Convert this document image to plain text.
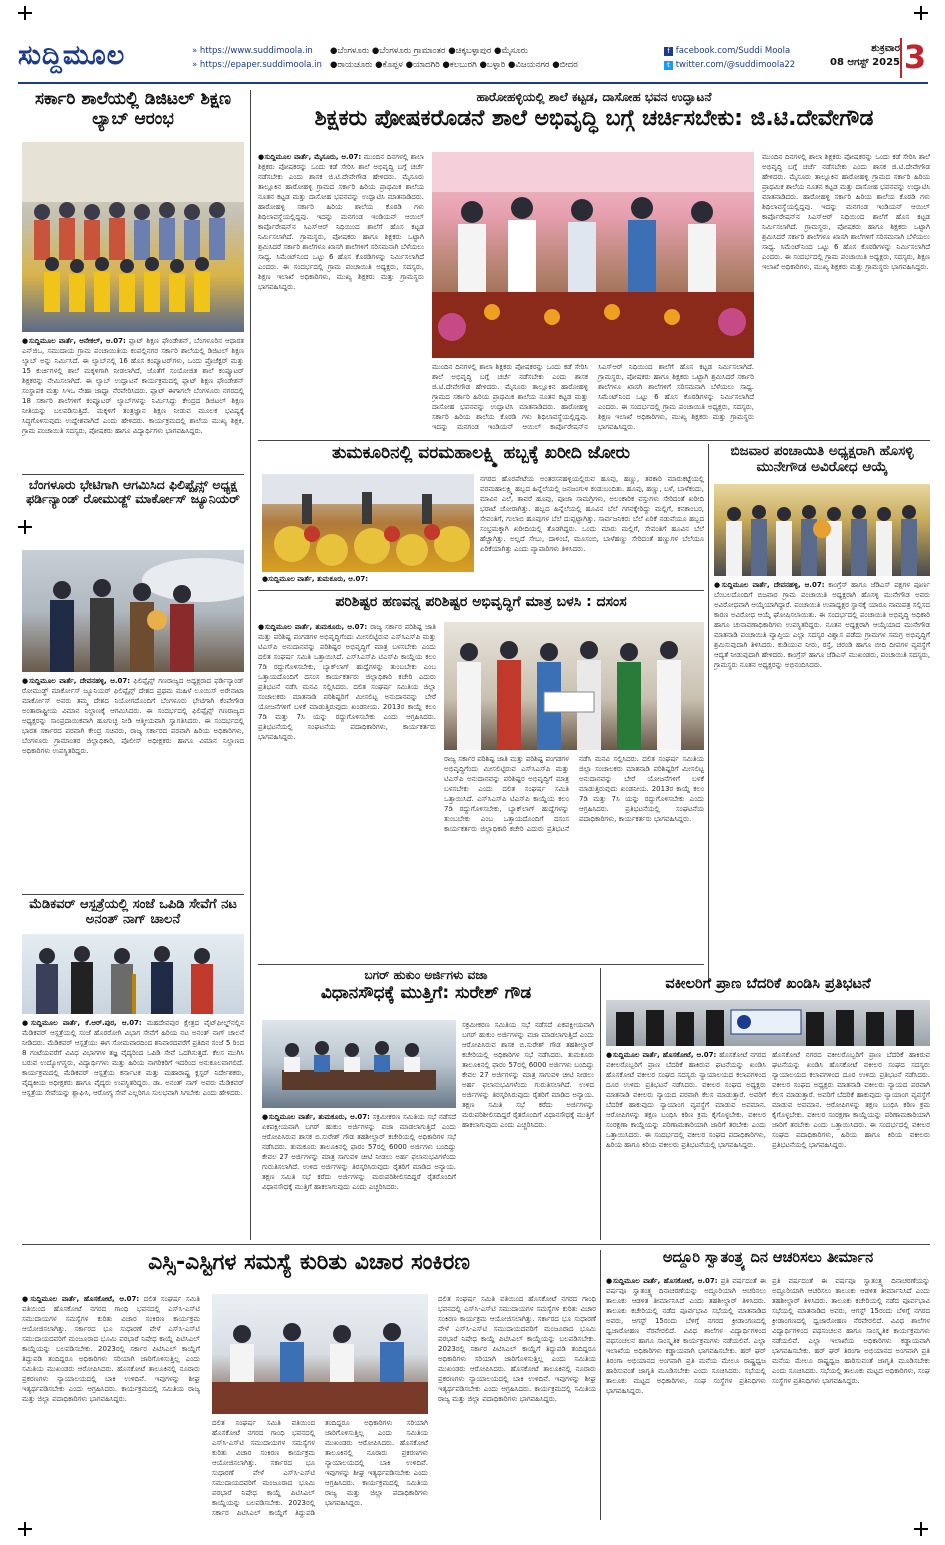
ಸುದ್ದಿಮೂಲ	» https://www.suddimoola.in
» https://epaper.suddimoola.in
●ಬೆಂಗಳೂರು ●ಬೆಂಗಳೂರು ಗ್ರಾಮಾಂತರ ●ಚಿಕ್ಕಬಳ್ಳಾಪುರ ●ಮೈಸೂರು
●ರಾಯಚೂರು ●ಕೊಪ್ಪಳ ●ಯಾದಗಿರಿ ●ಕಲಬುರಗಿ ●ಬಳ್ಳಾರಿ ●ವಿಜಯನಗರ ●ಬೀದರ
f facebook.com/Suddi Moola
t twitter.com/@suddimoola22
ಶುಕ್ರವಾರ
08 ಆಗಸ್ಟ್ 2025 3
ಸರ್ಕಾರಿ ಶಾಲೆಯಲ್ಲಿ ಡಿಜಿಟಲ್ ಶಿಕ್ಷಣ ಲ್ಯಾಬ್ ಆರಂಭ
●ಸುದ್ದಿಮೂಲ ವಾರ್ತೆ, ಆನೇಕಲ್, ಆ.07: ಪ್ಲಾಟ್ ಶಿಕ್ಷಣ ಫೌಂಡೇಶನ್, ಬೆಂಗಳೂರಿನ ಆಧಾರತ ಎನ್‌ಜಿಒ, ಸಮುದಾಯ ಗ್ರಾಮ ಪಂಚಾಯಿತಿಯ ಕಂಪಲ್ಲಿನಗರ ಸರ್ಕಾರಿ ಶಾಲೆಯಲ್ಲಿ ಡಿಜಿಟಲ್ ಶಿಕ್ಷಣ ಲ್ಯಾಬ್ ಅನ್ನು ನಿರ್ಮಿಸಿದೆ. ಈ ಲ್ಯಾಬ್‌ನಲ್ಲಿ 16 ಹೊಸ ಕಂಪ್ಯೂಟರ್‌ಗಳು, ಒಂದು ಪ್ರೊಜೆಕ್ಟರ್ ಮತ್ತು 15 ಕುರ್ಚಿಗಳಲ್ಲಿ ಶಾಲೆ ಮಕ್ಕಳಿಗಾಗಿ ನೀಡಲಾಗಿದೆ, ಜೊತೆಗೆ ಸಂಯೋಜಿತ ಶಾಲೆ ಕಂಪ್ಯೂಟರ್ ಶಿಕ್ಷಕರನ್ನು ನೇಮಿಸಲಾಗಿದೆ. ಈ ಲ್ಯಾಬ್ ಉದ್ಘಾಟನೆ ಕಾರ್ಯಕ್ರಮದಲ್ಲಿ ಪ್ಲಾಟ್ ಶಿಕ್ಷಣ ಫೌಂಡೇಶನ್ ಸಂಸ್ಥಾಪಕ ಮತ್ತು ಸಿಇಒ ನೇಹಾ ಜಾಧ್ವಾ ನೆರವೇರಿಸಿದರು. ಪ್ಲಾಟ್ ಈಗಾಗಲೇ ಬೆಂಗಳೂರು ನಗರದಲ್ಲಿ 18 ಸರ್ಕಾರಿ ಶಾಲೆಗಳಿಗೆ ಕಂಪ್ಯೂಟರ್ ಲ್ಯಾಬ್‌ಗಳನ್ನು ನಿರ್ಮಿಸಿದ್ದು ಕೇಂದ್ರದ ಡಿಜಿಟಲ್ ಶಿಕ್ಷಣ ನೀತಿಯನ್ನು ಬಲಪಡಿಸುತ್ತಿದೆ. ಮಕ್ಕಳಿಗೆ ತಂತ್ರಜ್ಞಾನ ಶಿಕ್ಷಣ ನೀಡುವ ಮೂಲಕ ಭವಿಷ್ಯಕ್ಕೆ ಸಿದ್ಧಗೊಳಿಸುವುದು ಉದ್ದೇಶವಾಗಿದೆ ಎಂದು ಹೇಳಿದರು. ಕಾರ್ಯಕ್ರಮದಲ್ಲಿ ಶಾಲೆಯ ಮುಖ್ಯ ಶಿಕ್ಷಕಿ, ಗ್ರಾಮ ಪಂಚಾಯಿತಿ ಸದಸ್ಯರು, ಪೋಷಕರು ಹಾಗೂ ವಿದ್ಯಾರ್ಥಿಗಳು ಭಾಗವಹಿಸಿದ್ದರು.
ಬೆಂಗಳೂರು ಭೇಟಿಗಾಗಿ ಆಗಮಿಸಿದ ಫಿಲಿಪ್ಪೈನ್ಸ್ ಅಧ್ಯಕ್ಷ ಫರ್ಡಿನ್ಯಾಂಡ್ ರೋಮುಡ್ಜ್ ಮಾರ್ಕೋಸ್ ಜ್ಯೂನಿಯರ್
●ಸುದ್ದಿಮೂಲ ವಾರ್ತೆ, ದೇವನಹಳ್ಳಿ, ಆ.07: ಫಿಲಿಪ್ಪೈನ್ಸ್ ಗಣರಾಜ್ಯದ ಅಧ್ಯಕ್ಷರಾದ ಫರ್ಡಿನ್ಯಾಂಡ್ ರೋಮುಡ್ಜ್ ಮಾರ್ಕೋಸ್ ಜ್ಯೂನಿಯರ್ ಫಿಲಿಪ್ಪೈನ್ಸ್ ದೇಶದ ಪ್ರಥಮ ಮಹಿಳೆ ಲೂಯಿಸ್ ಅರೇನಾಟಾ ಮಾರ್ಕೋಸ್ ಅವರು ತಮ್ಮ ದೇಶದ ನಿಯೋಗದೊಂದಿಗೆ ಬೆಂಗಳೂರು ಭೇಟಿಗಾಗಿ ಕೆಂಪೇಗೌಡ ಅಂತಾರಾಷ್ಟ್ರೀಯ ವಿಮಾನ ನಿಲ್ದಾಣಕ್ಕೆ ಆಗಮಿಸಿದರು. ಈ ಸಂದರ್ಭದಲ್ಲಿ ಫಿಲಿಪ್ಪೈನ್ಸ್ ಗಣರಾಜ್ಯದ ಅಧ್ಯಕ್ಷರನ್ನು ಸಾಂಪ್ರದಾಯಿಕವಾಗಿ ಹೂಗುಚ್ಛ ನೀಡಿ ಆತ್ಮೀಯವಾಗಿ ಸ್ವಾಗತಿಸಿದರು. ಈ ಸಂದರ್ಭದಲ್ಲಿ ಭಾರತ ಸರ್ಕಾರದ ಪರವಾಗಿ ಕೇಂದ್ರ ಸಚಿವರು, ರಾಜ್ಯ ಸರ್ಕಾರದ ಪರವಾಗಿ ಹಿರಿಯ ಅಧಿಕಾರಿಗಳು, ಬೆಂಗಳೂರು ಗ್ರಾಮಾಂತರ ಜಿಲ್ಲಾಧಿಕಾರಿ, ಪೊಲೀಸ್ ಅಧೀಕ್ಷಕರು ಹಾಗೂ ವಿಮಾನ ನಿಲ್ದಾಣದ ಅಧಿಕಾರಿಗಳು ಉಪಸ್ಥಿತರಿದ್ದರು.
ಮೆಡಿಕವರ್ ಆಸ್ಪತ್ರೆಯಲ್ಲಿ ಸಂಜೆ ಒಪಿಡಿ ಸೇವೆಗೆ ನಟ ಅನಂತ್ ನಾಗ್ ಚಾಲನೆ
●ಸುದ್ದಿಮೂಲ ವಾರ್ತೆ, ಕೆ.ಆರ್.ಪುರ, ಆ.07: ಮಹದೇವಪುರ ಕ್ಷೇತ್ರದ ವೈಟ್‌ಫೀಲ್ಡ್‌ನಲ್ಲಿನ ಮೆಡಿಕವರ್ ಆಸ್ಪತ್ರೆಯಲ್ಲಿ ಸಂಜೆ ಹೊರರೋಗಿ ವಿಭಾಗ ಸೇವೆಗೆ ಹಿರಿಯ ನಟ ಅನಂತ್ ನಾಗ್ ಚಾಲನೆ ನೀಡಿದರು. ಮೆಡಿಕವರ್ ಆಸ್ಪತ್ರೆಯು ಈಗ ಸೋಮವಾರದಿಂದ ಶನಿವಾರದವರೆಗೆ ಪ್ರತಿದಿನ ಸಂಜೆ 5 ರಿಂದ 8 ಗಂಟೆಯವರೆಗೆ ವಿವಿಧ ವಿಭಾಗಗಳ ತಜ್ಞ ವೈದ್ಯರಿಂದ ಒಪಿಡಿ ಸೇವೆ ಒದಗಿಸುತ್ತದೆ. ಕೆಲಸ ಮುಗಿಸಿ ಬರುವ ಉದ್ಯೋಗಸ್ಥರು, ವಿದ್ಯಾರ್ಥಿಗಳು ಮತ್ತು ಹಿರಿಯ ನಾಗರಿಕರಿಗೆ ಇದರಿಂದ ಅನುಕೂಲವಾಗಲಿದೆ. ಕಾರ್ಯಕ್ರಮದಲ್ಲಿ ಮೆಡಿಕವರ್ ಆಸ್ಪತ್ರೆಯ ಕರ್ನಾಟಕ ಮತ್ತು ಮಹಾರಾಷ್ಟ್ರ ಕ್ಲಸ್ಟರ್ ನಿರ್ದೇಶಕರು, ವೈದ್ಯಕೀಯ ಅಧೀಕ್ಷಕರು ಹಾಗೂ ವೈದ್ಯರು ಉಪಸ್ಥಿತರಿದ್ದರು. ಡಾ. ಅನಂತ್ ನಾಗ್ ಅವರು ಮೆಡಿಕವರ್ ಆಸ್ಪತ್ರೆಯ ಸೇವೆಯನ್ನು ಶ್ಲಾಘಿಸಿ, ಆರೋಗ್ಯ ಸೇವೆ ಎಲ್ಲರಿಗೂ ಸುಲಭವಾಗಿ ಸಿಗಬೇಕು ಎಂದು ಹೇಳಿದರು.
ಹಾರೋಹಳ್ಳಿಯಲ್ಲಿ ಶಾಲೆ ಕಟ್ಟಡ, ದಾಸೋಹ ಭವನ ಉದ್ಘಾಟನೆ
ಶಿಕ್ಷಕರು ಪೋಷಕರೊಡನೆ ಶಾಲೆ ಅಭಿವೃದ್ಧಿ ಬಗ್ಗೆ ಚರ್ಚಿಸಬೇಕು: ಜಿ.ಟಿ.ದೇವೇಗೌಡ
●ಸುದ್ದಿಮೂಲ ವಾರ್ತೆ, ಮೈಸೂರು, ಆ.07: ಮುಂದಿನ ದಿನಗಳಲ್ಲಿ ಶಾಲಾ ಶಿಕ್ಷಕರು ಪೋಷಕರನ್ನು ಒಂದು ಕಡೆ ಸೇರಿಸಿ ಶಾಲೆ ಅಭಿವೃದ್ಧಿ ಬಗ್ಗೆ ಚರ್ಚೆ ನಡೆಸಬೇಕು ಎಂದು ಶಾಸಕ ಜಿ.ಟಿ.ದೇವೇಗೌಡ ಹೇಳಿದರು. ಮೈಸೂರು ತಾಲ್ಲೂಕಿನ ಹಾರೋಹಳ್ಳಿ ಗ್ರಾಮದ ಸರ್ಕಾರಿ ಹಿರಿಯ ಪ್ರಾಥಮಿಕ ಶಾಲೆಯ ನೂತನ ಕಟ್ಟಡ ಮತ್ತು ದಾಸೋಹ ಭವನವನ್ನು ಉದ್ಘಾಟಿಸಿ ಮಾತನಾಡಿದರು. ಹಾರೋಹಳ್ಳಿ ಸರ್ಕಾರಿ ಹಿರಿಯ ಶಾಲೆಯ ಕೊಠಡಿ ಗಳು ಶಿಥಿಲಾವಸ್ಥೆಯಲ್ಲಿದ್ದವು. ಇದನ್ನು ಮನಗಂಡ ಇಂಡಿಯನ್ ಆಯಿಲ್ ಕಾರ್ಪೊರೇಷನ್‌ನ ಸಿಎಸ್‌ಆರ್ ನಿಧಿಯಿಂದ ಶಾಲೆಗೆ ಹೊಸ ಕಟ್ಟಡ ನಿರ್ಮಿಸಲಾಗಿದೆ. ಗ್ರಾಮಸ್ಥರು, ಪೋಷಕರು ಹಾಗೂ ಶಿಕ್ಷಕರು ಒಟ್ಟಾಗಿ ಶ್ರಮಿಸಿದರೆ ಸರ್ಕಾರಿ ಶಾಲೆಗಳೂ ಖಾಸಗಿ ಶಾಲೆಗಳಿಗೆ ಸರಿಸಮನಾಗಿ ಬೆಳೆಯಲು ಸಾಧ್ಯ. ಸಿಮೆಂಟ್‌ನಿಂದ ಒಟ್ಟು 6 ಹೊಸ ಕೊಠಡಿಗಳನ್ನು ನಿರ್ಮಿಸಲಾಗಿದೆ ಎಂದರು. ಈ ಸಂದರ್ಭದಲ್ಲಿ ಗ್ರಾಮ ಪಂಚಾಯಿತಿ ಅಧ್ಯಕ್ಷರು, ಸದಸ್ಯರು, ಶಿಕ್ಷಣ ಇಲಾಖೆ ಅಧಿಕಾರಿಗಳು, ಮುಖ್ಯ ಶಿಕ್ಷಕರು ಮತ್ತು ಗ್ರಾಮಸ್ಥರು ಭಾಗವಹಿಸಿದ್ದರು.
ಮುಂದಿನ ದಿನಗಳಲ್ಲಿ ಶಾಲಾ ಶಿಕ್ಷಕರು ಪೋಷಕರನ್ನು ಒಂದು ಕಡೆ ಸೇರಿಸಿ ಶಾಲೆ ಅಭಿವೃದ್ಧಿ ಬಗ್ಗೆ ಚರ್ಚೆ ನಡೆಸಬೇಕು ಎಂದು ಶಾಸಕ ಜಿ.ಟಿ.ದೇವೇಗೌಡ ಹೇಳಿದರು. ಮೈಸೂರು ತಾಲ್ಲೂಕಿನ ಹಾರೋಹಳ್ಳಿ ಗ್ರಾಮದ ಸರ್ಕಾರಿ ಹಿರಿಯ ಪ್ರಾಥಮಿಕ ಶಾಲೆಯ ನೂತನ ಕಟ್ಟಡ ಮತ್ತು ದಾಸೋಹ ಭವನವನ್ನು ಉದ್ಘಾಟಿಸಿ ಮಾತನಾಡಿದರು. ಹಾರೋಹಳ್ಳಿ ಸರ್ಕಾರಿ ಹಿರಿಯ ಶಾಲೆಯ ಕೊಠಡಿ ಗಳು ಶಿಥಿಲಾವಸ್ಥೆಯಲ್ಲಿದ್ದವು. ಇದನ್ನು ಮನಗಂಡ ಇಂಡಿಯನ್ ಆಯಿಲ್ ಕಾರ್ಪೊರೇಷನ್‌ನ ಸಿಎಸ್‌ಆರ್ ನಿಧಿಯಿಂದ ಶಾಲೆಗೆ ಹೊಸ ಕಟ್ಟಡ ನಿರ್ಮಿಸಲಾಗಿದೆ. ಗ್ರಾಮಸ್ಥರು, ಪೋಷಕರು ಹಾಗೂ ಶಿಕ್ಷಕರು ಒಟ್ಟಾಗಿ ಶ್ರಮಿಸಿದರೆ ಸರ್ಕಾರಿ ಶಾಲೆಗಳೂ ಖಾಸಗಿ ಶಾಲೆಗಳಿಗೆ ಸರಿಸಮನಾಗಿ ಬೆಳೆಯಲು ಸಾಧ್ಯ. ಸಿಮೆಂಟ್‌ನಿಂದ ಒಟ್ಟು 6 ಹೊಸ ಕೊಠಡಿಗಳನ್ನು ನಿರ್ಮಿಸಲಾಗಿದೆ ಎಂದರು. ಈ ಸಂದರ್ಭದಲ್ಲಿ ಗ್ರಾಮ ಪಂಚಾಯಿತಿ ಅಧ್ಯಕ್ಷರು, ಸದಸ್ಯರು, ಶಿಕ್ಷಣ ಇಲಾಖೆ ಅಧಿಕಾರಿಗಳು, ಮುಖ್ಯ ಶಿಕ್ಷಕರು ಮತ್ತು ಗ್ರಾಮಸ್ಥರು ಭಾಗವಹಿಸಿದ್ದರು.
ಮುಂದಿನ ದಿನಗಳಲ್ಲಿ ಶಾಲಾ ಶಿಕ್ಷಕರು ಪೋಷಕರನ್ನು ಒಂದು ಕಡೆ ಸೇರಿಸಿ ಶಾಲೆ ಅಭಿವೃದ್ಧಿ ಬಗ್ಗೆ ಚರ್ಚೆ ನಡೆಸಬೇಕು ಎಂದು ಶಾಸಕ ಜಿ.ಟಿ.ದೇವೇಗೌಡ ಹೇಳಿದರು. ಮೈಸೂರು ತಾಲ್ಲೂಕಿನ ಹಾರೋಹಳ್ಳಿ ಗ್ರಾಮದ ಸರ್ಕಾರಿ ಹಿರಿಯ ಪ್ರಾಥಮಿಕ ಶಾಲೆಯ ನೂತನ ಕಟ್ಟಡ ಮತ್ತು ದಾಸೋಹ ಭವನವನ್ನು ಉದ್ಘಾಟಿಸಿ ಮಾತನಾಡಿದರು. ಹಾರೋಹಳ್ಳಿ ಸರ್ಕಾರಿ ಹಿರಿಯ ಶಾಲೆಯ ಕೊಠಡಿ ಗಳು ಶಿಥಿಲಾವಸ್ಥೆಯಲ್ಲಿದ್ದವು. ಇದನ್ನು ಮನಗಂಡ ಇಂಡಿಯನ್ ಆಯಿಲ್ ಕಾರ್ಪೊರೇಷನ್‌ನ ಸಿಎಸ್‌ಆರ್ ನಿಧಿಯಿಂದ ಶಾಲೆಗೆ ಹೊಸ ಕಟ್ಟಡ ನಿರ್ಮಿಸಲಾಗಿದೆ. ಗ್ರಾಮಸ್ಥರು, ಪೋಷಕರು ಹಾಗೂ ಶಿಕ್ಷಕರು ಒಟ್ಟಾಗಿ ಶ್ರಮಿಸಿದರೆ ಸರ್ಕಾರಿ ಶಾಲೆಗಳೂ ಖಾಸಗಿ ಶಾಲೆಗಳಿಗೆ ಸರಿಸಮನಾಗಿ ಬೆಳೆಯಲು ಸಾಧ್ಯ. ಸಿಮೆಂಟ್‌ನಿಂದ ಒಟ್ಟು 6 ಹೊಸ ಕೊಠಡಿಗಳನ್ನು ನಿರ್ಮಿಸಲಾಗಿದೆ ಎಂದರು. ಈ ಸಂದರ್ಭದಲ್ಲಿ ಗ್ರಾಮ ಪಂಚಾಯಿತಿ ಅಧ್ಯಕ್ಷರು, ಸದಸ್ಯರು, ಶಿಕ್ಷಣ ಇಲಾಖೆ ಅಧಿಕಾರಿಗಳು, ಮುಖ್ಯ ಶಿಕ್ಷಕರು ಮತ್ತು ಗ್ರಾಮಸ್ಥರು ಭಾಗವಹಿಸಿದ್ದರು.
ತುಮಕೂರಿನಲ್ಲಿ ವರಮಹಾಲಕ್ಷ್ಮಿ ಹಬ್ಬಕ್ಕೆ ಖರೀದಿ ಜೋರು
ನಗರದ ಹೊರಪೇಟೆಯ ಅಂತರಸನಹಳ್ಳಿಯಲ್ಲಿರುವ ಹೂವು, ಹಣ್ಣು, ತರಕಾರಿ ಮಾರುಕಟ್ಟೆಯಲ್ಲಿ ವರಮಹಾಲಕ್ಷ್ಮಿ ಹಬ್ಬದ ಹಿನ್ನೆಲೆಯಲ್ಲಿ ಜನಜಂಗುಳಿ ಕಂಡುಬಂದಿತು. ಹೂವು, ಹಣ್ಣು, ಬಳೆ, ಬಾಳೆಕಂದು, ಮಾವಿನ ಎಲೆ, ತಾವರೆ ಹೂವು, ಪೂಜಾ ಸಾಮಗ್ರಿಗಳು, ಅಲಂಕಾರಿಕ ವಸ್ತುಗಳು ಸೇರಿದಂತೆ ಖರೀದಿ ಭರಾಟೆ ಜೋರಾಗಿತ್ತು. ಹಬ್ಬದ ಹಿನ್ನೆಲೆಯಲ್ಲಿ ಹೂವಿನ ಬೆಲೆ ಗಗನಕ್ಕೇರಿದ್ದು ಮಲ್ಲಿಗೆ, ಕನಕಾಂಬರ, ಸೇವಂತಿಗೆ, ಗುಲಾಬಿ ಹೂವುಗಳ ಬೆಲೆ ದುಪ್ಪಟ್ಟಾಗಿತ್ತು. ಸಾರ್ವಜನಿಕರು ಬೆಲೆ ಏರಿಕೆ ನಡುವೆಯೂ ಹಬ್ಬದ ಸಂಭ್ರಮಕ್ಕಾಗಿ ಖರೀದಿಯಲ್ಲಿ ತೊಡಗಿದ್ದರು. ಒಂದು ಮಾರು ಮಲ್ಲಿಗೆ, ಸೇವಂತಿಗೆ ಹೂವಿನ ಬೆಲೆ ಹೆಚ್ಚಾಗಿತ್ತು. ಅಲ್ಲದೆ ಸೇಬು, ದಾಳಿಂಬೆ, ಮೂಸಂಬಿ, ಬಾಳೆಹಣ್ಣು ಸೇರಿದಂತೆ ಹಣ್ಣುಗಳ ಬೆಲೆಯೂ ಏರಿಕೆಯಾಗಿತ್ತು ಎಂದು ವ್ಯಾಪಾರಿಗಳು ತಿಳಿಸಿದರು.
●ಸುದ್ದಿಮೂಲ ವಾರ್ತೆ, ತುಮಕೂರು, ಆ.07:
ಬಿಜವಾರ ಪಂಚಾಯಿತಿ ಅಧ್ಯಕ್ಷರಾಗಿ ಹೊಸಳ್ಳಿ ಮುನೇಗೌಡ ಅವಿರೋಧ ಆಯ್ಕೆ
●ಸುದ್ದಿಮೂಲ ವಾರ್ತೆ, ದೇವನಹಳ್ಳಿ, ಆ.07: ಕಾಂಗ್ರೆಸ್ ಹಾಗೂ ಜೆಡಿಎಸ್ ಪಕ್ಷಗಳ ಪೂರ್ಣ ಬೆಂಬಲದೊಂದಿಗೆ ಬಿಜವಾರ ಗ್ರಾಮ ಪಂಚಾಯಿತಿ ಅಧ್ಯಕ್ಷರಾಗಿ ಹೊಸಳ್ಳಿ ಮುನೇಗೌಡ ಅವರು ಅವಿರೋಧವಾಗಿ ಆಯ್ಕೆಯಾಗಿದ್ದಾರೆ. ಪಂಚಾಯಿತಿ ಉಪಾಧ್ಯಕ್ಷರ ಸ್ಥಾನಕ್ಕೆ ಯಾರೂ ನಾಮಪತ್ರ ಸಲ್ಲಿಸದ ಕಾರಣ ಅವಿರೋಧ ಆಯ್ಕೆ ಘೋಷಿಸಲಾಯಿತು. ಈ ಸಂದರ್ಭದಲ್ಲಿ ಪಂಚಾಯಿತಿ ಅಭಿವೃದ್ಧಿ ಅಧಿಕಾರಿ ಹಾಗೂ ಚುನಾವಣಾಧಿಕಾರಿಗಳು ಉಪಸ್ಥಿತರಿದ್ದರು. ನೂತನ ಅಧ್ಯಕ್ಷರಾಗಿ ಆಯ್ಕೆಯಾದ ಮುನೇಗೌಡ ಮಾತನಾಡಿ ಪಂಚಾಯಿತಿ ವ್ಯಾಪ್ತಿಯ ಎಲ್ಲಾ ಸದಸ್ಯರ ವಿಶ್ವಾಸ ಪಡೆದು ಗ್ರಾಮಗಳ ಸಮಗ್ರ ಅಭಿವೃದ್ಧಿಗೆ ಶ್ರಮಿಸುವುದಾಗಿ ತಿಳಿಸಿದರು. ಕುಡಿಯುವ ನೀರು, ರಸ್ತೆ, ಚರಂಡಿ ಹಾಗೂ ಬೀದಿ ದೀಪಗಳ ವ್ಯವಸ್ಥೆಗೆ ಆದ್ಯತೆ ನೀಡುವುದಾಗಿ ಹೇಳಿದರು. ಕಾಂಗ್ರೆಸ್ ಹಾಗೂ ಜೆಡಿಎಸ್ ಮುಖಂಡರು, ಪಂಚಾಯಿತಿ ಸದಸ್ಯರು, ಗ್ರಾಮಸ್ಥರು ನೂತನ ಅಧ್ಯಕ್ಷರನ್ನು ಅಭಿನಂದಿಸಿದರು.
ಪರಿಶಿಷ್ಟರ ಹಣವನ್ನ ಪರಿಶಿಷ್ಟರ ಅಭಿವೃದ್ಧಿಗೆ ಮಾತ್ರ ಬಳಸಿ : ದಸಂಸ
●ಸುದ್ದಿಮೂಲ ವಾರ್ತೆ, ತುಮಕೂರು, ಆ.07: ರಾಜ್ಯ ಸರ್ಕಾರ ಪರಿಶಿಷ್ಟ ಜಾತಿ ಮತ್ತು ಪರಿಶಿಷ್ಟ ಪಂಗಡಗಳ ಅಭಿವೃದ್ಧಿಗೆಂದು ಮೀಸಲಿಟ್ಟಿರುವ ಎಸ್‌ಸಿಎಸ್‌ಪಿ ಮತ್ತು ಟಿಎಸ್‌ಪಿ ಅನುದಾನವನ್ನು ಪರಿಶಿಷ್ಟರ ಅಭಿವೃದ್ಧಿಗೆ ಮಾತ್ರ ಬಳಸಬೇಕು ಎಂದು ದಲಿತ ಸಂಘರ್ಷ ಸಮಿತಿ ಒತ್ತಾಯಿಸಿದೆ. ಎಸ್‌ಸಿಎಸ್‌ಪಿ ಟಿಎಸ್‌ಪಿ ಕಾಯ್ದೆಯ ಕಲಂ 7ಡಿ ರದ್ದುಗೊಳಿಸಬೇಕು, ಬ್ಯಾಕ್‌ಲಾಗ್ ಹುದ್ದೆಗಳನ್ನು ತುಂಬಬೇಕು ಎಂಬ ಒತ್ತಾಯದೊಂದಿಗೆ ದಸಂಸ ಕಾರ್ಯಕರ್ತರು ಜಿಲ್ಲಾಧಿಕಾರಿ ಕಚೇರಿ ಎದುರು ಪ್ರತಿಭಟನೆ ನಡೆಸಿ ಮನವಿ ಸಲ್ಲಿಸಿದರು. ದಲಿತ ಸಂಘರ್ಷ ಸಮಿತಿಯ ಜಿಲ್ಲಾ ಸಂಚಾಲಕರು ಮಾತನಾಡಿ ಪರಿಶಿಷ್ಟರಿಗೆ ಮೀಸಲಿಟ್ಟ ಅನುದಾನವನ್ನು ಬೇರೆ ಯೋಜನೆಗಳಿಗೆ ಬಳಕೆ ಮಾಡುತ್ತಿರುವುದು ಖಂಡನೀಯ. 2013ರ ಕಾಯ್ದೆ ಕಲಂ 7ಡಿ ಮತ್ತು 7ಸಿ ಯನ್ನು ರದ್ದುಗೊಳಿಸಬೇಕು ಎಂದು ಆಗ್ರಹಿಸಿದರು. ಪ್ರತಿಭಟನೆಯಲ್ಲಿ ಸಂಘಟನೆಯ ಪದಾಧಿಕಾರಿಗಳು, ಕಾರ್ಯಕರ್ತರು ಭಾಗವಹಿಸಿದ್ದರು.
ರಾಜ್ಯ ಸರ್ಕಾರ ಪರಿಶಿಷ್ಟ ಜಾತಿ ಮತ್ತು ಪರಿಶಿಷ್ಟ ಪಂಗಡಗಳ ಅಭಿವೃದ್ಧಿಗೆಂದು ಮೀಸಲಿಟ್ಟಿರುವ ಎಸ್‌ಸಿಎಸ್‌ಪಿ ಮತ್ತು ಟಿಎಸ್‌ಪಿ ಅನುದಾನವನ್ನು ಪರಿಶಿಷ್ಟರ ಅಭಿವೃದ್ಧಿಗೆ ಮಾತ್ರ ಬಳಸಬೇಕು ಎಂದು ದಲಿತ ಸಂಘರ್ಷ ಸಮಿತಿ ಒತ್ತಾಯಿಸಿದೆ. ಎಸ್‌ಸಿಎಸ್‌ಪಿ ಟಿಎಸ್‌ಪಿ ಕಾಯ್ದೆಯ ಕಲಂ 7ಡಿ ರದ್ದುಗೊಳಿಸಬೇಕು, ಬ್ಯಾಕ್‌ಲಾಗ್ ಹುದ್ದೆಗಳನ್ನು ತುಂಬಬೇಕು ಎಂಬ ಒತ್ತಾಯದೊಂದಿಗೆ ದಸಂಸ ಕಾರ್ಯಕರ್ತರು ಜಿಲ್ಲಾಧಿಕಾರಿ ಕಚೇರಿ ಎದುರು ಪ್ರತಿಭಟನೆ ನಡೆಸಿ ಮನವಿ ಸಲ್ಲಿಸಿದರು. ದಲಿತ ಸಂಘರ್ಷ ಸಮಿತಿಯ ಜಿಲ್ಲಾ ಸಂಚಾಲಕರು ಮಾತನಾಡಿ ಪರಿಶಿಷ್ಟರಿಗೆ ಮೀಸಲಿಟ್ಟ ಅನುದಾನವನ್ನು ಬೇರೆ ಯೋಜನೆಗಳಿಗೆ ಬಳಕೆ ಮಾಡುತ್ತಿರುವುದು ಖಂಡನೀಯ. 2013ರ ಕಾಯ್ದೆ ಕಲಂ 7ಡಿ ಮತ್ತು 7ಸಿ ಯನ್ನು ರದ್ದುಗೊಳಿಸಬೇಕು ಎಂದು ಆಗ್ರಹಿಸಿದರು. ಪ್ರತಿಭಟನೆಯಲ್ಲಿ ಸಂಘಟನೆಯ ಪದಾಧಿಕಾರಿಗಳು, ಕಾರ್ಯಕರ್ತರು ಭಾಗವಹಿಸಿದ್ದರು.
ಬಗರ್ ಹುಕುಂ ಅರ್ಜಿಗಳು ವಜಾ
ವಿಧಾನಸೌಧಕ್ಕೆ ಮುತ್ತಿಗೆ: ಸುರೇಶ್ ಗೌಡ
ಸಕ್ರಮೀಕರಣ ಸಮಿತಿಯ ಸಭೆ ನಡೆಸದೆ ಏಕಪಕ್ಷೀಯವಾಗಿ ಬಗರ್ ಹುಕುಂ ಅರ್ಜಿಗಳನ್ನು ವಜಾ ಮಾಡಲಾಗುತ್ತಿದೆ ಎಂದು ಆರೋಪಿಸಿರುವ ಶಾಸಕ ಬಿ.ಸುರೇಶ್ ಗೌಡ ತಹಶೀಲ್ದಾರ್ ಕಚೇರಿಯಲ್ಲಿ ಅಧಿಕಾರಿಗಳ ಸಭೆ ನಡೆಸಿದರು. ತುಮಕೂರು ತಾಲೂಕಿನಲ್ಲಿ ಫಾರಂ 57ರಲ್ಲಿ 6000 ಅರ್ಜಿಗಳು ಬಂದಿದ್ದು ಕೇವಲ 27 ಅರ್ಜಿಗಳನ್ನು ಮಾತ್ರ ಸಾಗುವಳಿ ಚೀಟಿ ನೀಡಲು ಅರ್ಹ ಫಲಾನುಭವಿಗಳೆಂದು ಗುರುತಿಸಲಾಗಿದೆ. ಉಳಿದ ಅರ್ಜಿಗಳನ್ನು ತಿರಸ್ಕರಿಸಿರುವುದು ರೈತರಿಗೆ ಮಾಡಿದ ಅನ್ಯಾಯ. ತಕ್ಷಣ ಸಮಿತಿ ಸಭೆ ಕರೆದು ಅರ್ಜಿಗಳನ್ನು ಮರುಪರಿಶೀಲಿಸದಿದ್ದರೆ ರೈತರೊಂದಿಗೆ ವಿಧಾನಸೌಧಕ್ಕೆ ಮುತ್ತಿಗೆ ಹಾಕಲಾಗುವುದು ಎಂದು ಎಚ್ಚರಿಸಿದರು.
●ಸುದ್ದಿಮೂಲ ವಾರ್ತೆ, ತುಮಕೂರು, ಆ.07: ಸಕ್ರಮೀಕರಣ ಸಮಿತಿಯ ಸಭೆ ನಡೆಸದೆ ಏಕಪಕ್ಷೀಯವಾಗಿ ಬಗರ್ ಹುಕುಂ ಅರ್ಜಿಗಳನ್ನು ವಜಾ ಮಾಡಲಾಗುತ್ತಿದೆ ಎಂದು ಆರೋಪಿಸಿರುವ ಶಾಸಕ ಬಿ.ಸುರೇಶ್ ಗೌಡ ತಹಶೀಲ್ದಾರ್ ಕಚೇರಿಯಲ್ಲಿ ಅಧಿಕಾರಿಗಳ ಸಭೆ ನಡೆಸಿದರು. ತುಮಕೂರು ತಾಲೂಕಿನಲ್ಲಿ ಫಾರಂ 57ರಲ್ಲಿ 6000 ಅರ್ಜಿಗಳು ಬಂದಿದ್ದು ಕೇವಲ 27 ಅರ್ಜಿಗಳನ್ನು ಮಾತ್ರ ಸಾಗುವಳಿ ಚೀಟಿ ನೀಡಲು ಅರ್ಹ ಫಲಾನುಭವಿಗಳೆಂದು ಗುರುತಿಸಲಾಗಿದೆ. ಉಳಿದ ಅರ್ಜಿಗಳನ್ನು ತಿರಸ್ಕರಿಸಿರುವುದು ರೈತರಿಗೆ ಮಾಡಿದ ಅನ್ಯಾಯ. ತಕ್ಷಣ ಸಮಿತಿ ಸಭೆ ಕರೆದು ಅರ್ಜಿಗಳನ್ನು ಮರುಪರಿಶೀಲಿಸದಿದ್ದರೆ ರೈತರೊಂದಿಗೆ ವಿಧಾನಸೌಧಕ್ಕೆ ಮುತ್ತಿಗೆ ಹಾಕಲಾಗುವುದು ಎಂದು ಎಚ್ಚರಿಸಿದರು.
ವಕೀಲರಿಗೆ ಪ್ರಾಣ ಬೆದರಿಕೆ ಖಂಡಿಸಿ ಪ್ರತಿಭಟನೆ
●ಸುದ್ದಿಮೂಲ ವಾರ್ತೆ, ಹೊಸಕೋಟೆ, ಆ.07: ಹೊಸಕೋಟೆ ನಗರದ ವಕೀಲರೊಬ್ಬರಿಗೆ ಪ್ರಾಣ ಬೆದರಿಕೆ ಹಾಕಿರುವ ಘಟನೆಯನ್ನು ಖಂಡಿಸಿ ಹೊಸಕೋಟೆ ವಕೀಲರ ಸಂಘದ ಸದಸ್ಯರು ನ್ಯಾಯಾಲಯದ ಕಲಾಪಗಳಿಂದ ದೂರ ಉಳಿದು ಪ್ರತಿಭಟನೆ ನಡೆಸಿದರು. ವಕೀಲರ ಸಂಘದ ಅಧ್ಯಕ್ಷರು ಮಾತನಾಡಿ ವಕೀಲರು ನ್ಯಾಯದ ಪರವಾಗಿ ಕೆಲಸ ಮಾಡುತ್ತಾರೆ. ಅವರಿಗೆ ಬೆದರಿಕೆ ಹಾಕುವುದು ನ್ಯಾಯಾಂಗ ವ್ಯವಸ್ಥೆಗೆ ಮಾಡುವ ಅವಮಾನ. ಆರೋಪಿಗಳನ್ನು ತಕ್ಷಣ ಬಂಧಿಸಿ ಕಠಿಣ ಕ್ರಮ ಕೈಗೊಳ್ಳಬೇಕು. ವಕೀಲರ ಸಂರಕ್ಷಣಾ ಕಾಯ್ದೆಯನ್ನು ಪರಿಣಾಮಕಾರಿಯಾಗಿ ಜಾರಿಗೆ ತರಬೇಕು ಎಂದು ಒತ್ತಾಯಿಸಿದರು. ಈ ಸಂದರ್ಭದಲ್ಲಿ ವಕೀಲರ ಸಂಘದ ಪದಾಧಿಕಾರಿಗಳು, ಹಿರಿಯ ಹಾಗೂ ಕಿರಿಯ ವಕೀಲರು ಪ್ರತಿಭಟನೆಯಲ್ಲಿ ಭಾಗವಹಿಸಿದ್ದರು.
ಹೊಸಕೋಟೆ ನಗರದ ವಕೀಲರೊಬ್ಬರಿಗೆ ಪ್ರಾಣ ಬೆದರಿಕೆ ಹಾಕಿರುವ ಘಟನೆಯನ್ನು ಖಂಡಿಸಿ ಹೊಸಕೋಟೆ ವಕೀಲರ ಸಂಘದ ಸದಸ್ಯರು ನ್ಯಾಯಾಲಯದ ಕಲಾಪಗಳಿಂದ ದೂರ ಉಳಿದು ಪ್ರತಿಭಟನೆ ನಡೆಸಿದರು. ವಕೀಲರ ಸಂಘದ ಅಧ್ಯಕ್ಷರು ಮಾತನಾಡಿ ವಕೀಲರು ನ್ಯಾಯದ ಪರವಾಗಿ ಕೆಲಸ ಮಾಡುತ್ತಾರೆ. ಅವರಿಗೆ ಬೆದರಿಕೆ ಹಾಕುವುದು ನ್ಯಾಯಾಂಗ ವ್ಯವಸ್ಥೆಗೆ ಮಾಡುವ ಅವಮಾನ. ಆರೋಪಿಗಳನ್ನು ತಕ್ಷಣ ಬಂಧಿಸಿ ಕಠಿಣ ಕ್ರಮ ಕೈಗೊಳ್ಳಬೇಕು. ವಕೀಲರ ಸಂರಕ್ಷಣಾ ಕಾಯ್ದೆಯನ್ನು ಪರಿಣಾಮಕಾರಿಯಾಗಿ ಜಾರಿಗೆ ತರಬೇಕು ಎಂದು ಒತ್ತಾಯಿಸಿದರು. ಈ ಸಂದರ್ಭದಲ್ಲಿ ವಕೀಲರ ಸಂಘದ ಪದಾಧಿಕಾರಿಗಳು, ಹಿರಿಯ ಹಾಗೂ ಕಿರಿಯ ವಕೀಲರು ಪ್ರತಿಭಟನೆಯಲ್ಲಿ ಭಾಗವಹಿಸಿದ್ದರು.
ಎಸ್ಸಿ-ಎಸ್ಟಿಗಳ ಸಮಸ್ಯೆ ಕುರಿತು ವಿಚಾರ ಸಂಕಿರಣ
●ಸುದ್ದಿಮೂಲ ವಾರ್ತೆ, ಹೊಸಕೋಟೆ, ಆ.07: ದಲಿತ ಸಂಘರ್ಷ ಸಮಿತಿ ವತಿಯಿಂದ ಹೊಸಕೋಟೆ ನಗರದ ಗಾಂಧಿ ಭವನದಲ್ಲಿ ಎಸ್‌ಸಿ-ಎಸ್‌ಟಿ ಸಮುದಾಯಗಳ ಸಮಸ್ಯೆಗಳ ಕುರಿತು ವಿಚಾರ ಸಂಕಿರಣ ಕಾರ್ಯಕ್ರಮ ಆಯೋಜಿಸಲಾಗಿತ್ತು. ಸರ್ಕಾರದ ಭೂ ಸುಧಾರಣೆ ವೇಳೆ ಎಸ್‌ಸಿ-ಎಸ್‌ಟಿ ಸಮುದಾಯದವರಿಗೆ ಮಂಜೂರಾದ ಭೂಮಿ ಪರಭಾರೆ ನಿಷೇಧ ಕಾಯ್ದೆ ಪಿಟಿಸಿಎಲ್ ಕಾಯ್ದೆಯನ್ನು ಬಲಪಡಿಸಬೇಕು. 2023ರಲ್ಲಿ ಸರ್ಕಾರ ಪಿಟಿಸಿಎಲ್ ಕಾಯ್ದೆಗೆ ತಿದ್ದುಪಡಿ ತಂದಿದ್ದರೂ ಅಧಿಕಾರಿಗಳು ಸರಿಯಾಗಿ ಜಾರಿಗೊಳಿಸುತ್ತಿಲ್ಲ ಎಂದು ಸಮಿತಿಯ ಮುಖಂಡರು ಆರೋಪಿಸಿದರು. ಹೊಸಕೋಟೆ ತಾಲೂಕಿನಲ್ಲಿ ನೂರಾರು ಪ್ರಕರಣಗಳು ನ್ಯಾಯಾಲಯದಲ್ಲಿ ಬಾಕಿ ಉಳಿದಿವೆ. ಇವುಗಳನ್ನು ಶೀಘ್ರ ಇತ್ಯರ್ಥಪಡಿಸಬೇಕು ಎಂದು ಆಗ್ರಹಿಸಿದರು. ಕಾರ್ಯಕ್ರಮದಲ್ಲಿ ಸಮಿತಿಯ ರಾಜ್ಯ ಮತ್ತು ಜಿಲ್ಲಾ ಪದಾಧಿಕಾರಿಗಳು ಭಾಗವಹಿಸಿದ್ದರು.
ದಲಿತ ಸಂಘರ್ಷ ಸಮಿತಿ ವತಿಯಿಂದ ಹೊಸಕೋಟೆ ನಗರದ ಗಾಂಧಿ ಭವನದಲ್ಲಿ ಎಸ್‌ಸಿ-ಎಸ್‌ಟಿ ಸಮುದಾಯಗಳ ಸಮಸ್ಯೆಗಳ ಕುರಿತು ವಿಚಾರ ಸಂಕಿರಣ ಕಾರ್ಯಕ್ರಮ ಆಯೋಜಿಸಲಾಗಿತ್ತು. ಸರ್ಕಾರದ ಭೂ ಸುಧಾರಣೆ ವೇಳೆ ಎಸ್‌ಸಿ-ಎಸ್‌ಟಿ ಸಮುದಾಯದವರಿಗೆ ಮಂಜೂರಾದ ಭೂಮಿ ಪರಭಾರೆ ನಿಷೇಧ ಕಾಯ್ದೆ ಪಿಟಿಸಿಎಲ್ ಕಾಯ್ದೆಯನ್ನು ಬಲಪಡಿಸಬೇಕು. 2023ರಲ್ಲಿ ಸರ್ಕಾರ ಪಿಟಿಸಿಎಲ್ ಕಾಯ್ದೆಗೆ ತಿದ್ದುಪಡಿ ತಂದಿದ್ದರೂ ಅಧಿಕಾರಿಗಳು ಸರಿಯಾಗಿ ಜಾರಿಗೊಳಿಸುತ್ತಿಲ್ಲ ಎಂದು ಸಮಿತಿಯ ಮುಖಂಡರು ಆರೋಪಿಸಿದರು. ಹೊಸಕೋಟೆ ತಾಲೂಕಿನಲ್ಲಿ ನೂರಾರು ಪ್ರಕರಣಗಳು ನ್ಯಾಯಾಲಯದಲ್ಲಿ ಬಾಕಿ ಉಳಿದಿವೆ. ಇವುಗಳನ್ನು ಶೀಘ್ರ ಇತ್ಯರ್ಥಪಡಿಸಬೇಕು ಎಂದು ಆಗ್ರಹಿಸಿದರು. ಕಾರ್ಯಕ್ರಮದಲ್ಲಿ ಸಮಿತಿಯ ರಾಜ್ಯ ಮತ್ತು ಜಿಲ್ಲಾ ಪದಾಧಿಕಾರಿಗಳು ಭಾಗವಹಿಸಿದ್ದರು.
ದಲಿತ ಸಂಘರ್ಷ ಸಮಿತಿ ವತಿಯಿಂದ ಹೊಸಕೋಟೆ ನಗರದ ಗಾಂಧಿ ಭವನದಲ್ಲಿ ಎಸ್‌ಸಿ-ಎಸ್‌ಟಿ ಸಮುದಾಯಗಳ ಸಮಸ್ಯೆಗಳ ಕುರಿತು ವಿಚಾರ ಸಂಕಿರಣ ಕಾರ್ಯಕ್ರಮ ಆಯೋಜಿಸಲಾಗಿತ್ತು. ಸರ್ಕಾರದ ಭೂ ಸುಧಾರಣೆ ವೇಳೆ ಎಸ್‌ಸಿ-ಎಸ್‌ಟಿ ಸಮುದಾಯದವರಿಗೆ ಮಂಜೂರಾದ ಭೂಮಿ ಪರಭಾರೆ ನಿಷೇಧ ಕಾಯ್ದೆ ಪಿಟಿಸಿಎಲ್ ಕಾಯ್ದೆಯನ್ನು ಬಲಪಡಿಸಬೇಕು. 2023ರಲ್ಲಿ ಸರ್ಕಾರ ಪಿಟಿಸಿಎಲ್ ಕಾಯ್ದೆಗೆ ತಿದ್ದುಪಡಿ ತಂದಿದ್ದರೂ ಅಧಿಕಾರಿಗಳು ಸರಿಯಾಗಿ ಜಾರಿಗೊಳಿಸುತ್ತಿಲ್ಲ ಎಂದು ಸಮಿತಿಯ ಮುಖಂಡರು ಆರೋಪಿಸಿದರು. ಹೊಸಕೋಟೆ ತಾಲೂಕಿನಲ್ಲಿ ನೂರಾರು ಪ್ರಕರಣಗಳು ನ್ಯಾಯಾಲಯದಲ್ಲಿ ಬಾಕಿ ಉಳಿದಿವೆ. ಇವುಗಳನ್ನು ಶೀಘ್ರ ಇತ್ಯರ್ಥಪಡಿಸಬೇಕು ಎಂದು ಆಗ್ರಹಿಸಿದರು. ಕಾರ್ಯಕ್ರಮದಲ್ಲಿ ಸಮಿತಿಯ ರಾಜ್ಯ ಮತ್ತು ಜಿಲ್ಲಾ ಪದಾಧಿಕಾರಿಗಳು ಭಾಗವಹಿಸಿದ್ದರು.
ಅದ್ದೂರಿ ಸ್ವಾತಂತ್ರ್ಯ ದಿನ ಆಚರಿಸಲು ತೀರ್ಮಾನ
●ಸುದ್ದಿಮೂಲ ವಾರ್ತೆ, ಹೊಸಕೋಟೆ, ಆ.07: ಪ್ರತಿ ವರ್ಷದಂತೆ ಈ ವರ್ಷವೂ ಸ್ವಾತಂತ್ರ್ಯ ದಿನಾಚರಣೆಯನ್ನು ಅದ್ದೂರಿಯಾಗಿ ಆಚರಿಸಲು ತಾಲೂಕು ಆಡಳಿತ ತೀರ್ಮಾನಿಸಿದೆ ಎಂದು ತಹಶೀಲ್ದಾರ್ ತಿಳಿಸಿದರು. ತಾಲೂಕು ಕಚೇರಿಯಲ್ಲಿ ನಡೆದ ಪೂರ್ವಭಾವಿ ಸಭೆಯಲ್ಲಿ ಮಾತನಾಡಿದ ಅವರು, ಆಗಸ್ಟ್ 15ರಂದು ಬೆಳಿಗ್ಗೆ ನಗರದ ಕ್ರೀಡಾಂಗಣದಲ್ಲಿ ಧ್ವಜಾರೋಹಣ ನೆರವೇರಲಿದೆ. ವಿವಿಧ ಶಾಲೆಗಳ ವಿದ್ಯಾರ್ಥಿಗಳಿಂದ ಪಥಸಂಚಲನ ಹಾಗೂ ಸಾಂಸ್ಕೃತಿಕ ಕಾರ್ಯಕ್ರಮಗಳು ನಡೆಯಲಿವೆ. ಎಲ್ಲಾ ಇಲಾಖೆಯ ಅಧಿಕಾರಿಗಳು ಕಡ್ಡಾಯವಾಗಿ ಭಾಗವಹಿಸಬೇಕು. ಹರ್ ಘರ್ ತಿರಂಗಾ ಅಭಿಯಾನದ ಅಂಗವಾಗಿ ಪ್ರತಿ ಮನೆಯ ಮೇಲೂ ರಾಷ್ಟ್ರಧ್ವಜ ಹಾರಿಸುವಂತೆ ಜಾಗೃತಿ ಮೂಡಿಸಬೇಕು ಎಂದು ಸೂಚಿಸಿದರು. ಸಭೆಯಲ್ಲಿ ತಾಲೂಕು ಮಟ್ಟದ ಅಧಿಕಾರಿಗಳು, ಸಂಘ ಸಂಸ್ಥೆಗಳ ಪ್ರತಿನಿಧಿಗಳು ಭಾಗವಹಿಸಿದ್ದರು.
ಪ್ರತಿ ವರ್ಷದಂತೆ ಈ ವರ್ಷವೂ ಸ್ವಾತಂತ್ರ್ಯ ದಿನಾಚರಣೆಯನ್ನು ಅದ್ದೂರಿಯಾಗಿ ಆಚರಿಸಲು ತಾಲೂಕು ಆಡಳಿತ ತೀರ್ಮಾನಿಸಿದೆ ಎಂದು ತಹಶೀಲ್ದಾರ್ ತಿಳಿಸಿದರು. ತಾಲೂಕು ಕಚೇರಿಯಲ್ಲಿ ನಡೆದ ಪೂರ್ವಭಾವಿ ಸಭೆಯಲ್ಲಿ ಮಾತನಾಡಿದ ಅವರು, ಆಗಸ್ಟ್ 15ರಂದು ಬೆಳಿಗ್ಗೆ ನಗರದ ಕ್ರೀಡಾಂಗಣದಲ್ಲಿ ಧ್ವಜಾರೋಹಣ ನೆರವೇರಲಿದೆ. ವಿವಿಧ ಶಾಲೆಗಳ ವಿದ್ಯಾರ್ಥಿಗಳಿಂದ ಪಥಸಂಚಲನ ಹಾಗೂ ಸಾಂಸ್ಕೃತಿಕ ಕಾರ್ಯಕ್ರಮಗಳು ನಡೆಯಲಿವೆ. ಎಲ್ಲಾ ಇಲಾಖೆಯ ಅಧಿಕಾರಿಗಳು ಕಡ್ಡಾಯವಾಗಿ ಭಾಗವಹಿಸಬೇಕು. ಹರ್ ಘರ್ ತಿರಂಗಾ ಅಭಿಯಾನದ ಅಂಗವಾಗಿ ಪ್ರತಿ ಮನೆಯ ಮೇಲೂ ರಾಷ್ಟ್ರಧ್ವಜ ಹಾರಿಸುವಂತೆ ಜಾಗೃತಿ ಮೂಡಿಸಬೇಕು ಎಂದು ಸೂಚಿಸಿದರು. ಸಭೆಯಲ್ಲಿ ತಾಲೂಕು ಮಟ್ಟದ ಅಧಿಕಾರಿಗಳು, ಸಂಘ ಸಂಸ್ಥೆಗಳ ಪ್ರತಿನಿಧಿಗಳು ಭಾಗವಹಿಸಿದ್ದರು.
